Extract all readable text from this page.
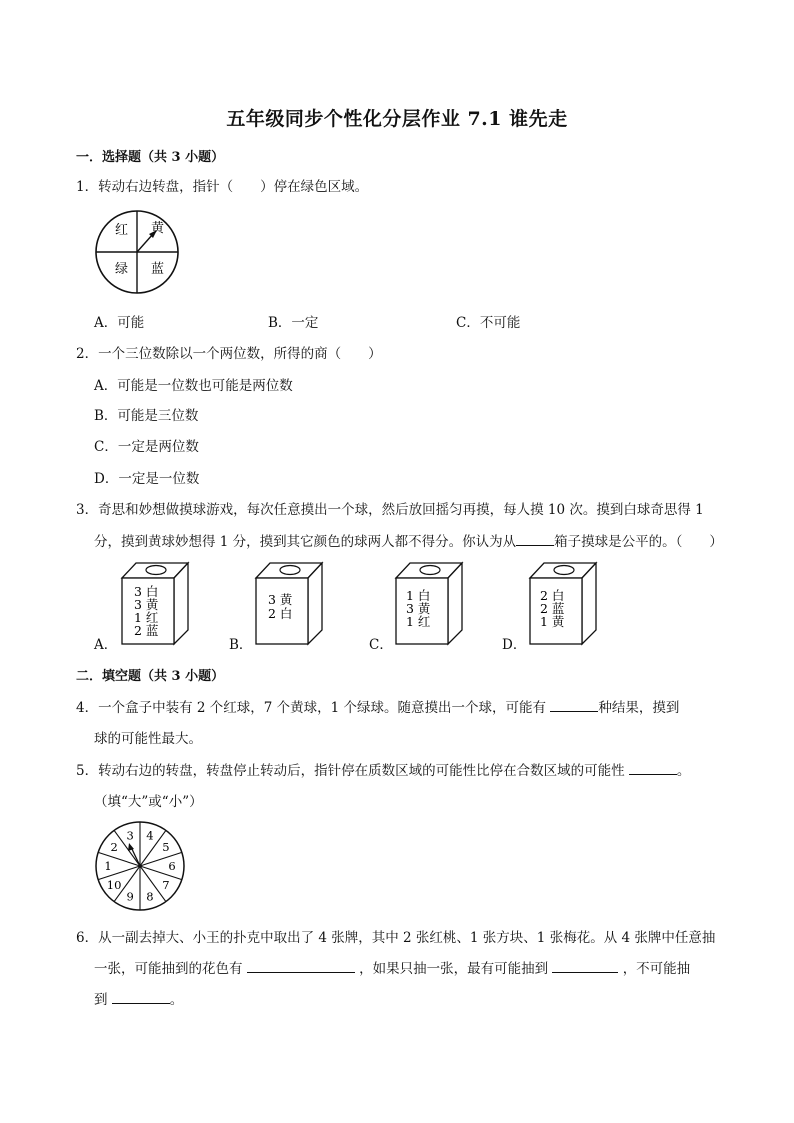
五年级同步个性化分层作业 7.1 谁先走
一．选择题（共 3 小题）
1．转动右边转盘，指针（　　）停在绿色区域。
红 黄
绿 蓝
A．可能	B．一定	C．不可能
2．一个三位数除以一个两位数，所得的商（　　）
A．可能是一位数也可能是两位数
B．可能是三位数
C．一定是两位数
D．一定是一位数
3．奇思和妙想做摸球游戏，每次任意摸出一个球，然后放回摇匀再摸，每人摸 10 次。摸到白球奇思得 1
分，摸到黄球妙想得 1 分，摸到其它颜色的球两人都不得分。你认为从	箱子摸球是公平的。（　　）
3 白
3 黄
1 红
2 蓝
A．
3 黄
2 白
B．
1 白
3 黄
1 红
C．
2 白
2 蓝
1 黄
D．
二．填空题（共 3 小题）
4．一个盒子中装有 2 个红球，7 个黄球，1 个绿球。随意摸出一个球，可能有	种结果，摸到
球的可能性最大。
5．转动右边的转盘，转盘停止转动后，指针停在质数区域的可能性比停在合数区域的可能性	。
（填“大”或“小”）
3 4
5
6
7
8
9
10
1
2
6．从一副去掉大、小王的扑克中取出了 4 张牌，其中 2 张红桃、1 张方块、1 张梅花。从 4 张牌中任意抽
一张，可能抽到的花色有	，如果只抽一张，最有可能抽到	，不可能抽
到	。
